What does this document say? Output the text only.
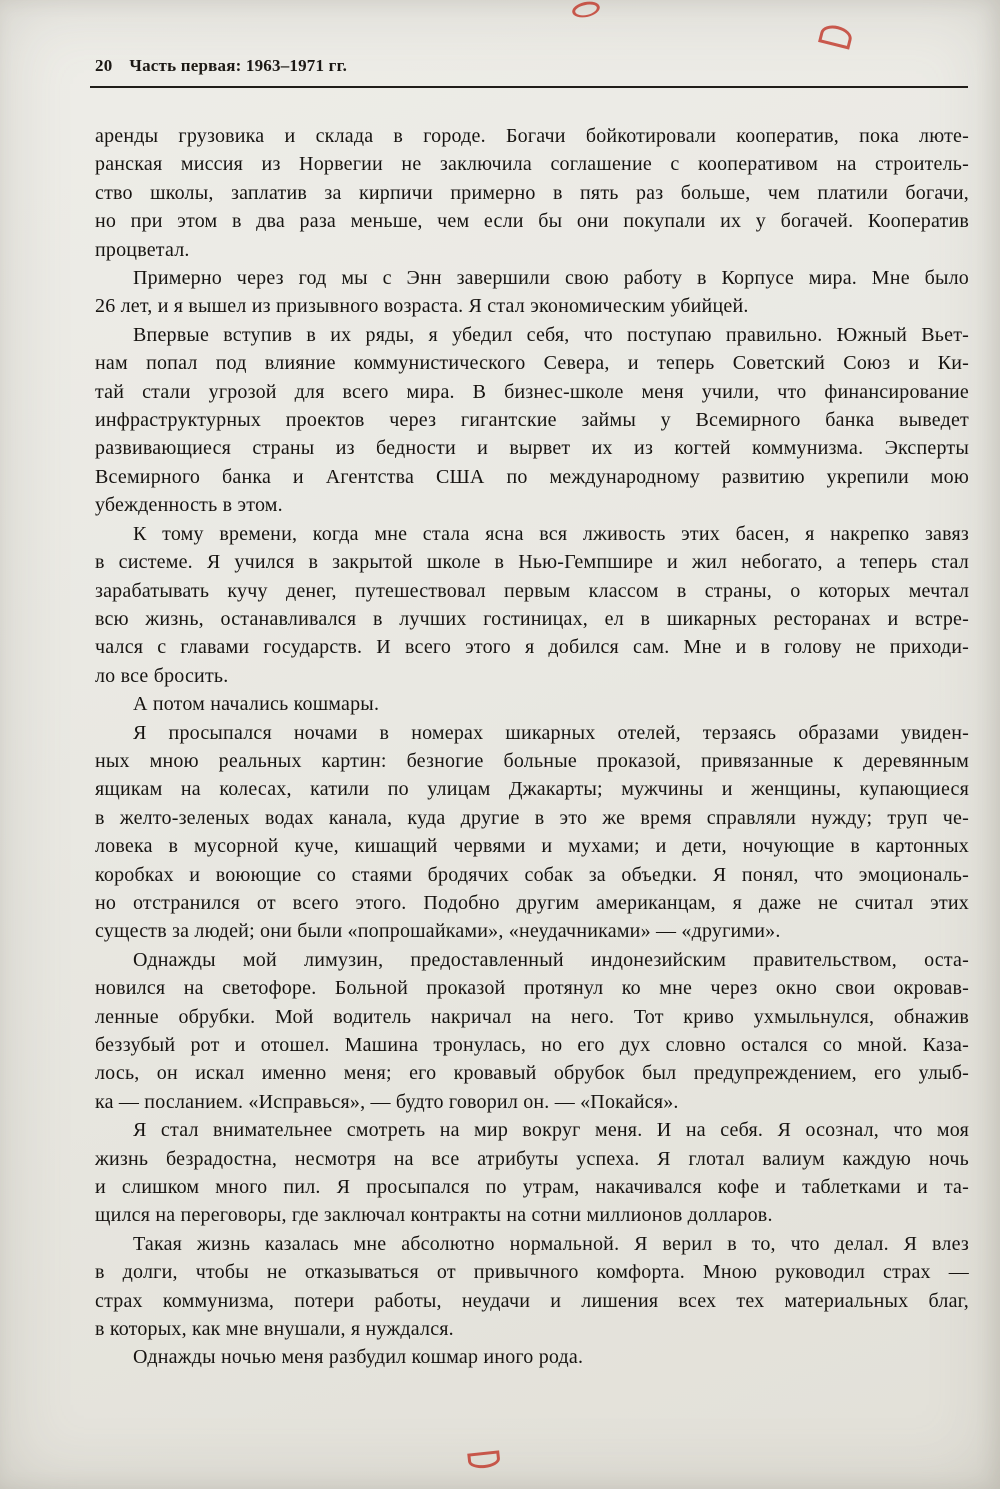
20 Часть первая: 1963–1971 гг.
аренды грузовика и склада в городе. Богачи бойкотировали кооператив, пока люте-
ранская миссия из Норвегии не заключила соглашение с кооперативом на строитель-
ство школы, заплатив за кирпичи примерно в пять раз больше, чем платили богачи,
но при этом в два раза меньше, чем если бы они покупали их у богачей. Кооператив
процветал.
Примерно через год мы с Энн завершили свою работу в Корпусе мира. Мне было
26 лет, и я вышел из призывного возраста. Я стал экономическим убийцей.
Впервые вступив в их ряды, я убедил себя, что поступаю правильно. Южный Вьет-
нам попал под влияние коммунистического Севера, и теперь Советский Союз и Ки-
тай стали угрозой для всего мира. В бизнес-школе меня учили, что финансирование
инфраструктурных проектов через гигантские займы у Всемирного банка выведет
развивающиеся страны из бедности и вырвет их из когтей коммунизма. Эксперты
Всемирного банка и Агентства США по международному развитию укрепили мою
убежденность в этом.
К тому времени, когда мне стала ясна вся лживость этих басен, я накрепко завяз
в системе. Я учился в закрытой школе в Нью-Гемпшире и жил небогато, а теперь стал
зарабатывать кучу денег, путешествовал первым классом в страны, о которых мечтал
всю жизнь, останавливался в лучших гостиницах, ел в шикарных ресторанах и встре-
чался с главами государств. И всего этого я добился сам. Мне и в голову не приходи-
ло все бросить.
А потом начались кошмары.
Я просыпался ночами в номерах шикарных отелей, терзаясь образами увиден-
ных мною реальных картин: безногие больные проказой, привязанные к деревянным
ящикам на колесах, катили по улицам Джакарты; мужчины и женщины, купающиеся
в желто-зеленых водах канала, куда другие в это же время справляли нужду; труп че-
ловека в мусорной куче, кишащий червями и мухами; и дети, ночующие в картонных
коробках и воюющие со стаями бродячих собак за объедки. Я понял, что эмоциональ-
но отстранился от всего этого. Подобно другим американцам, я даже не считал этих
существ за людей; они были «попрошайками», «неудачниками» — «другими».
Однажды мой лимузин, предоставленный индонезийским правительством, оста-
новился на светофоре. Больной проказой протянул ко мне через окно свои окровав-
ленные обрубки. Мой водитель накричал на него. Тот криво ухмыльнулся, обнажив
беззубый рот и отошел. Машина тронулась, но его дух словно остался со мной. Каза-
лось, он искал именно меня; его кровавый обрубок был предупреждением, его улыб-
ка — посланием. «Исправься», — будто говорил он. — «Покайся».
Я стал внимательнее смотреть на мир вокруг меня. И на себя. Я осознал, что моя
жизнь безрадостна, несмотря на все атрибуты успеха. Я глотал валиум каждую ночь
и слишком много пил. Я просыпался по утрам, накачивался кофе и таблетками и та-
щился на переговоры, где заключал контракты на сотни миллионов долларов.
Такая жизнь казалась мне абсолютно нормальной. Я верил в то, что делал. Я влез
в долги, чтобы не отказываться от привычного комфорта. Мною руководил страх —
страх коммунизма, потери работы, неудачи и лишения всех тех материальных благ,
в которых, как мне внушали, я нуждался.
Однажды ночью меня разбудил кошмар иного рода.
